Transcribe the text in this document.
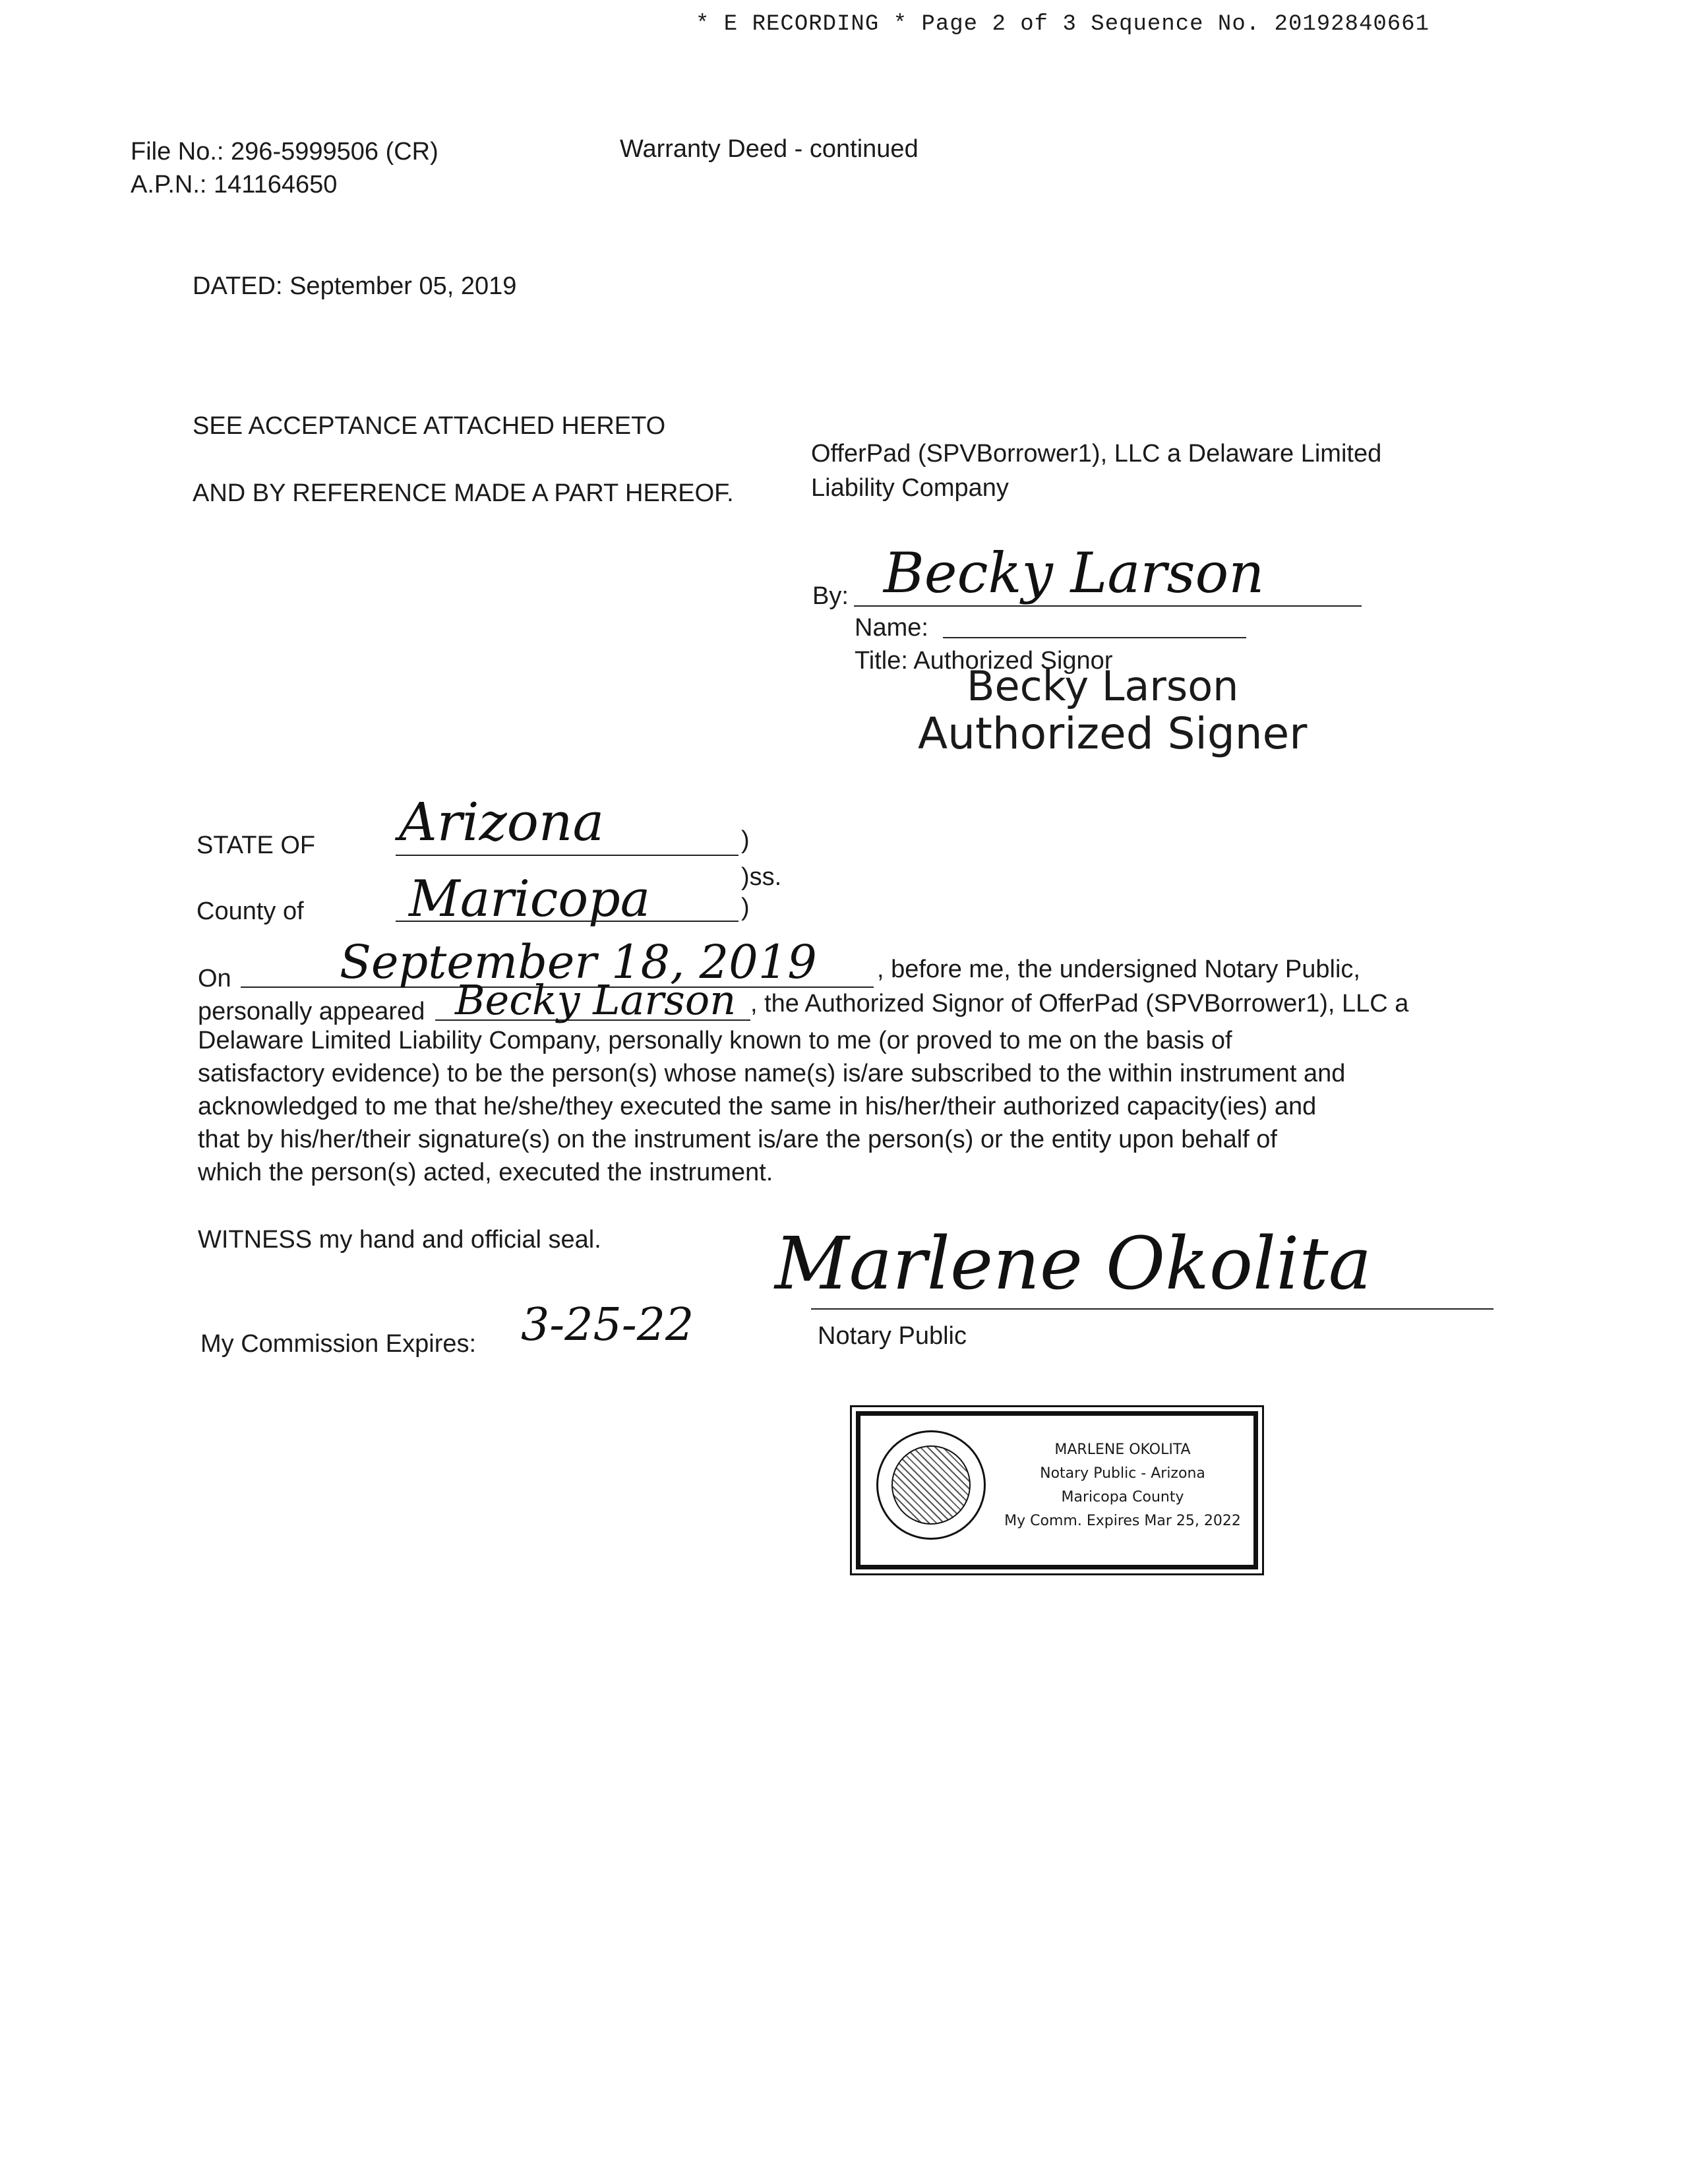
* E RECORDING * Page 2 of 3 Sequence No. 20192840661
File No.: 296-5999506 (CR)
A.P.N.: 141164650
Warranty Deed - continued
DATED: September 05, 2019
SEE ACCEPTANCE ATTACHED HERETO
AND BY REFERENCE MADE A PART HEREOF.
OfferPad (SPVBorrower1), LLC a Delaware Limited
Liability Company
By: Becky Larson
Name:
Title: Authorized Signor
Becky Larson
Authorized Signer
STATE OF Arizona	)
)ss.
County of Maricopa	)
On September 18, 2019 , before me, the undersigned Notary Public,
personally appeared Becky Larson , the Authorized Signor of OfferPad (SPVBorrower1), LLC a
Delaware Limited Liability Company, personally known to me (or proved to me on the basis of
satisfactory evidence) to be the person(s) whose name(s) is/are subscribed to the within instrument and
acknowledged to me that he/she/they executed the same in his/her/their authorized capacity(ies) and
that by his/her/their signature(s) on the instrument is/are the person(s) or the entity upon behalf of
which the person(s) acted, executed the instrument.
WITNESS my hand and official seal. Marlene Okolita
Notary Public
My Commission Expires: 3-25-22
MARLENE OKOLITA
Notary Public - Arizona
Maricopa County
My Comm. Expires Mar 25, 2022
